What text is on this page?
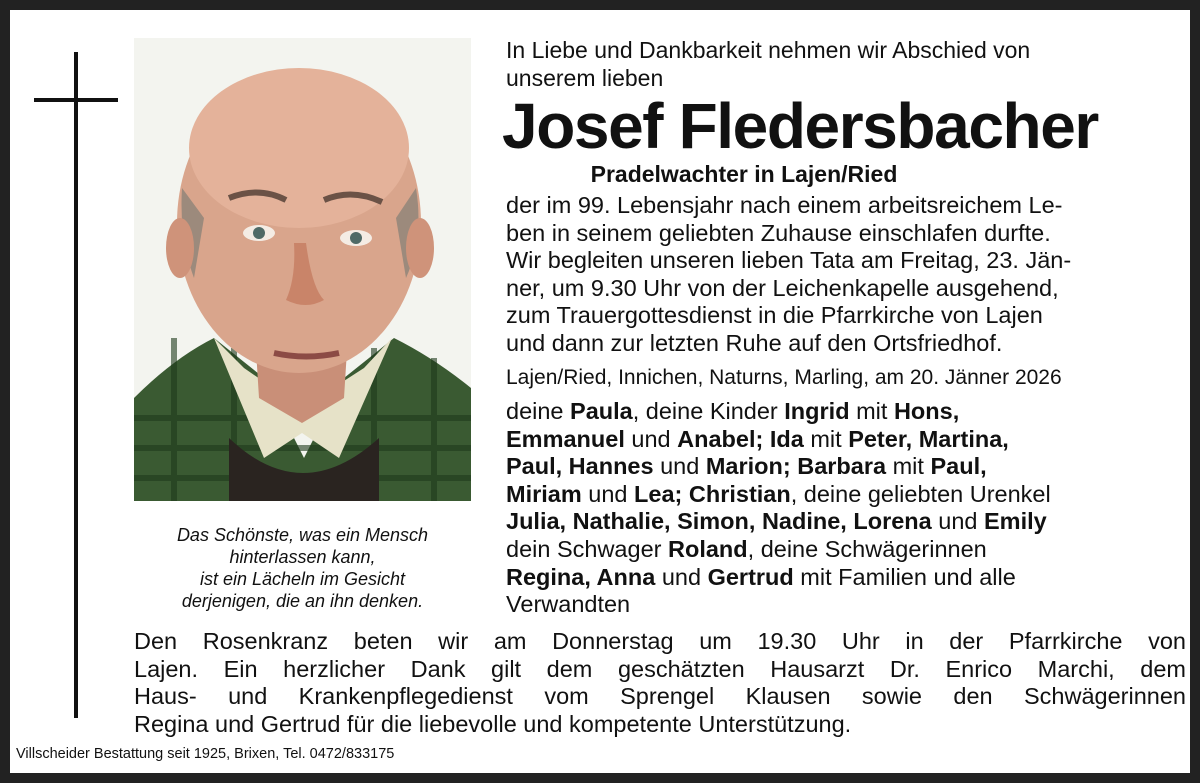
Das Schönste, was ein Mensch
hinterlassen kann,
ist ein Lächeln im Gesicht
derjenigen, die an ihn denken.
In Liebe und Dankbarkeit nehmen wir Abschied von
unserem lieben
Josef Fledersbacher
Pradelwachter in Lajen/Ried
der im 99. Lebensjahr nach einem arbeitsreichem Le-
ben in seinem geliebten Zuhause einschlafen durfte.
Wir begleiten unseren lieben Tata am Freitag, 23. Jän-
ner, um 9.30 Uhr von der Leichenkapelle ausgehend,
zum Trauergottesdienst in die Pfarrkirche von Lajen
und dann zur letzten Ruhe auf den Ortsfriedhof.
Lajen/Ried, Innichen, Naturns, Marling, am 20. Jänner 2026
deine Paula, deine Kinder Ingrid mit Hons,
Emmanuel und Anabel; Ida mit Peter, Martina,
Paul, Hannes und Marion; Barbara mit Paul,
Miriam und Lea; Christian, deine geliebten Urenkel
Julia, Nathalie, Simon, Nadine, Lorena und Emily
dein Schwager Roland, deine Schwägerinnen
Regina, Anna und Gertrud mit Familien und alle
Verwandten
Den Rosenkranz beten wir am Donnerstag um 19.30 Uhr in der Pfarrkirche von
Lajen. Ein herzlicher Dank gilt dem geschätzten Hausarzt Dr. Enrico Marchi, dem
Haus- und Krankenpflegedienst vom Sprengel Klausen sowie den Schwägerinnen
Regina und Gertrud für die liebevolle und kompetente Unterstützung.
Villscheider Bestattung seit 1925, Brixen, Tel. 0472/833175
